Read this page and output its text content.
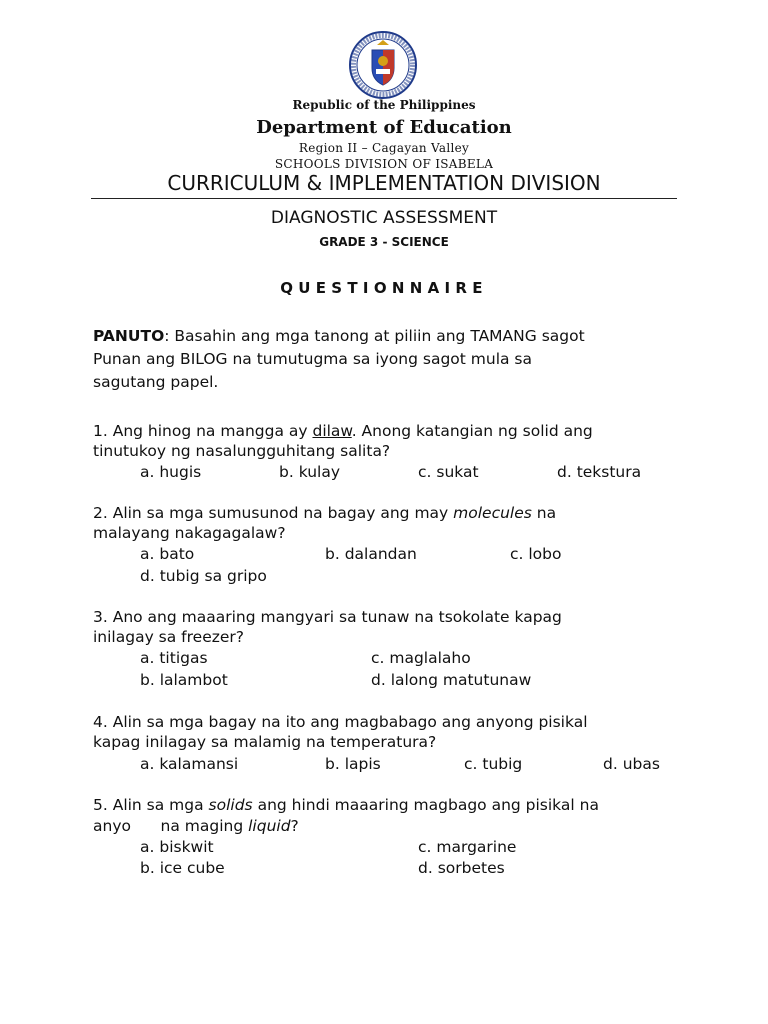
Republic of the Philippines
Department of Education
Region II – Cagayan Valley
SCHOOLS DIVISION OF ISABELA
CURRICULUM & IMPLEMENTATION DIVISION
DIAGNOSTIC ASSESSMENT
GRADE 3 - SCIENCE
QUESTIONNAIRE
PANUTO: Basahin ang mga tanong at piliin ang TAMANG sagot
Punan ang BILOG na tumutugma sa iyong sagot mula sa
sagutang papel.
1. Ang hinog na mangga ay dilaw. Anong katangian ng solid ang
tinutukoy ng nasalungguhitang salita?
a. hugis	b. kulay	c. sukat	d. tekstura
2. Alin sa mga sumusunod na bagay ang may molecules na
malayang nakagagalaw?
a. bato	b. dalandan	c. lobo
d. tubig sa gripo
3. Ano ang maaaring mangyari sa tunaw na tsokolate kapag
inilagay sa freezer?
a. titigas	c. maglalaho
b. lalambot	d. lalong matutunaw
4. Alin sa mga bagay na ito ang magbabago ang anyong pisikal
kapag inilagay sa malamig na temperatura?
a. kalamansi	b. lapis	c. tubig	d. ubas
5. Alin sa mga solids ang hindi maaaring magbago ang pisikal na
anyo      na maging liquid?
a. biskwit	c. margarine
b. ice cube	d. sorbetes
